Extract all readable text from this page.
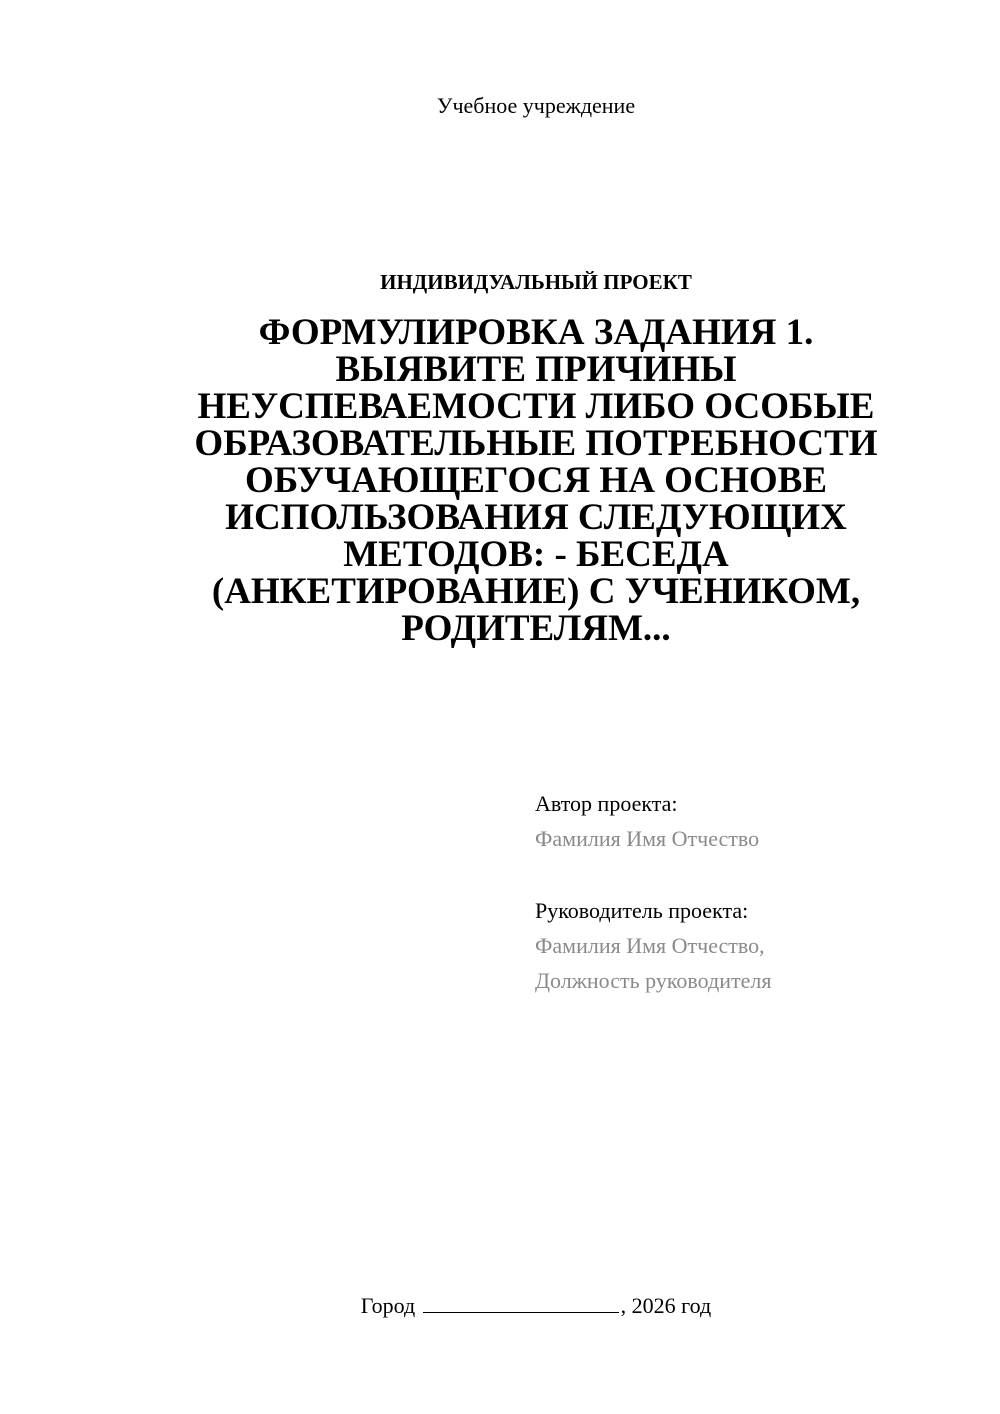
Учебное учреждение
ИНДИВИДУАЛЬНЫЙ ПРОЕКТ
ФОРМУЛИРОВКА ЗАДАНИЯ 1.
ВЫЯВИТЕ ПРИЧИНЫ
НЕУСПЕВАЕМОСТИ ЛИБО ОСОБЫЕ
ОБРАЗОВАТЕЛЬНЫЕ ПОТРЕБНОСТИ
ОБУЧАЮЩЕГОСЯ НА ОСНОВЕ
ИСПОЛЬЗОВАНИЯ СЛЕДУЮЩИХ
МЕТОДОВ: - БЕСЕДА
(АНКЕТИРОВАНИЕ) С УЧЕНИКОМ,
РОДИТЕЛЯМ...
Автор проекта:
Фамилия Имя Отчество
Руководитель проекта:
Фамилия Имя Отчество,
Должность руководителя
Город	, 2026 год
